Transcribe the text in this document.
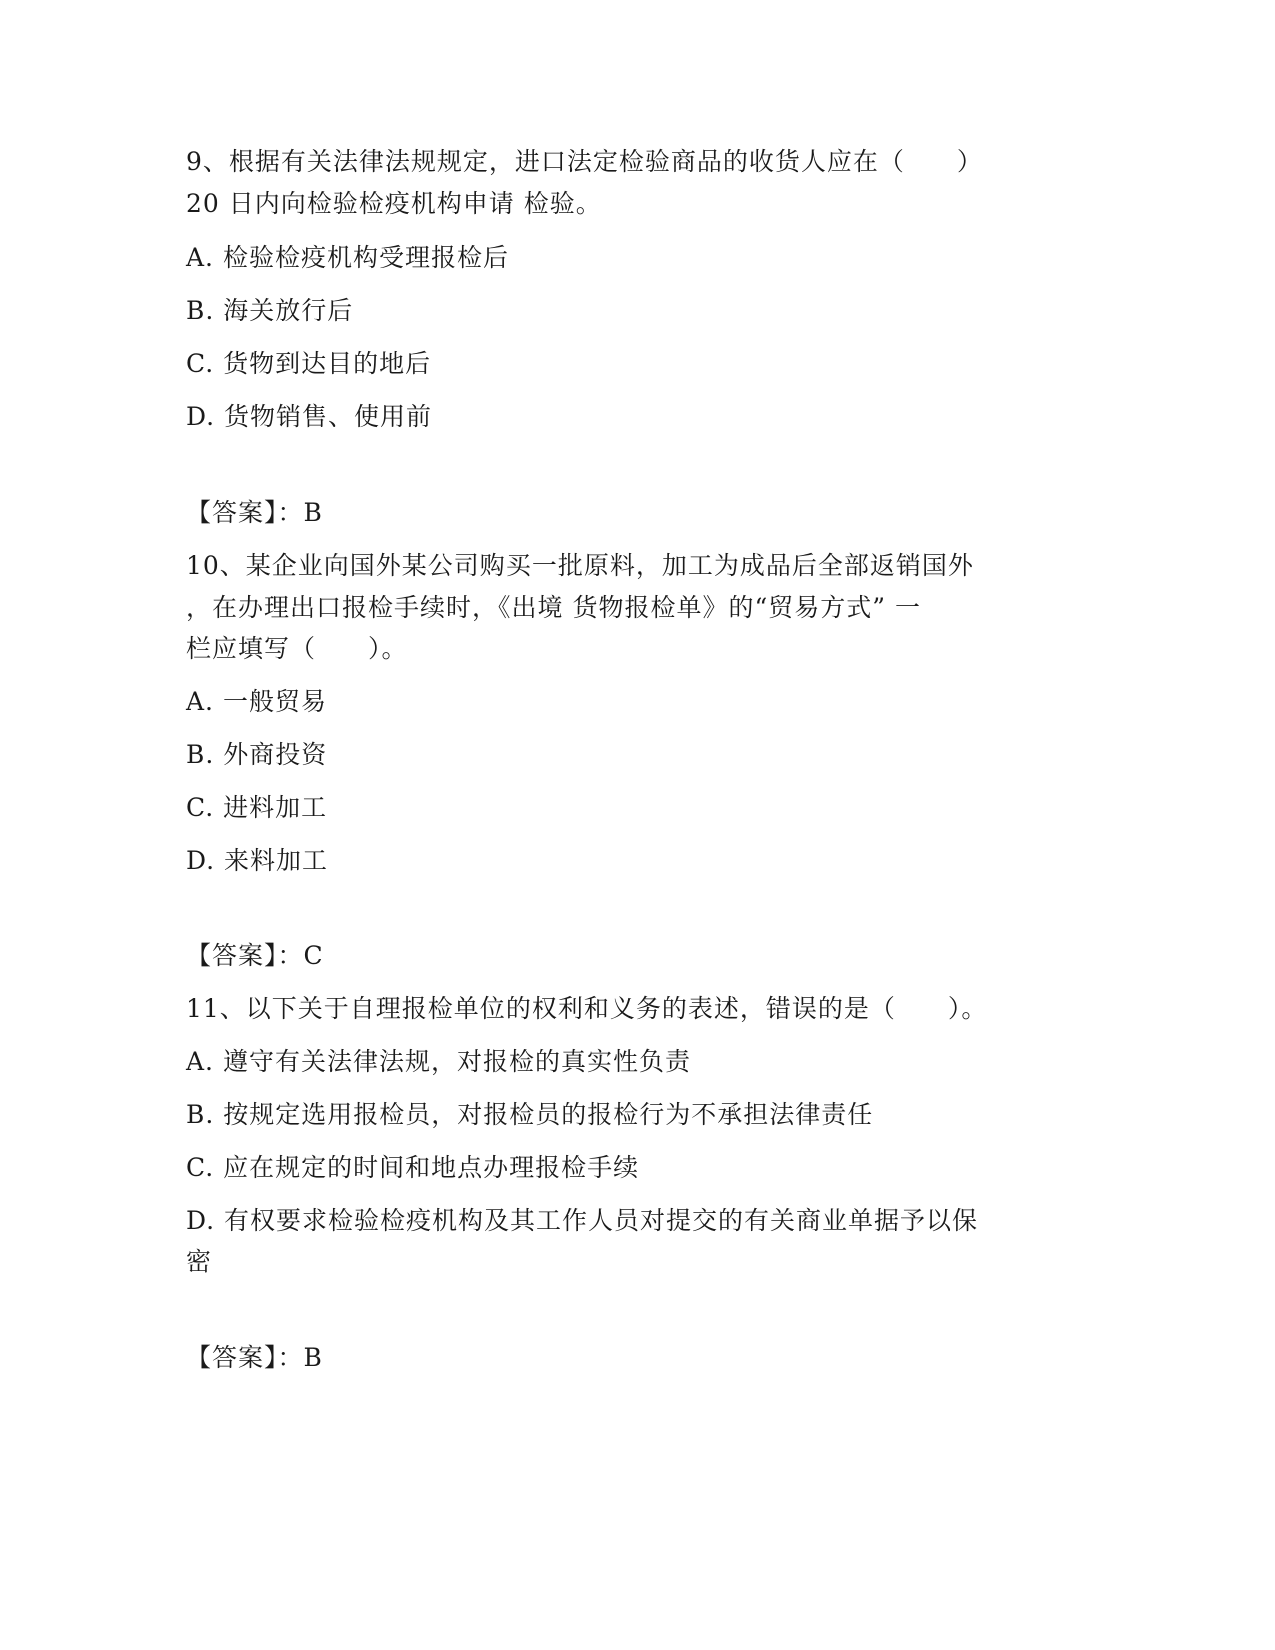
9、根据有关法律法规规定，进口法定检验商品的收货人应在（　　）
20 日内向检验检疫机构申请 检验。
A. 检验检疫机构受理报检后
B. 海关放行后
C. 货物到达目的地后
D. 货物销售、使用前
【答案】：B
10、某企业向国外某公司购买一批原料，加工为成品后全部返销国外
，在办理出口报检手续时，《出境 货物报检单》的“贸易方式” 一
栏应填写（　　）。
A. 一般贸易
B. 外商投资
C. 进料加工
D. 来料加工
【答案】：C
11、以下关于自理报检单位的权利和义务的表述，错误的是（　　）。
A. 遵守有关法律法规，对报检的真实性负责
B. 按规定选用报检员，对报检员的报检行为不承担法律责任
C. 应在规定的时间和地点办理报检手续
D. 有权要求检验检疫机构及其工作人员对提交的有关商业单据予以保
密
【答案】：B
